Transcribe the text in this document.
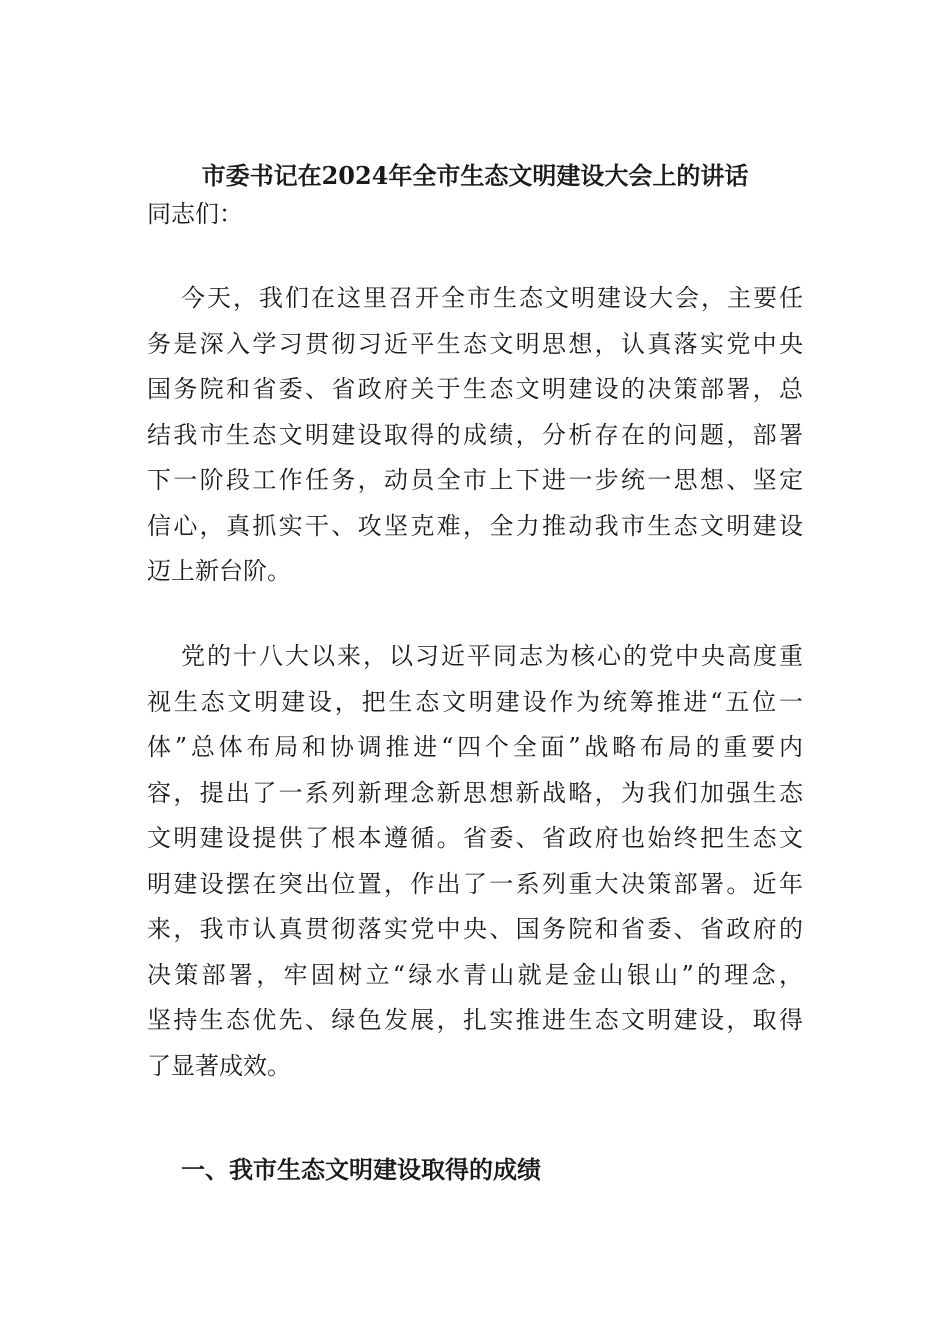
市委书记在2024年全市生态文明建设大会上的讲话
同志们：
今天，我们在这里召开全市生态文明建设大会，主要任
务是深入学习贯彻习近平生态文明思想，认真落实党中央
国务院和省委、省政府关于生态文明建设的决策部署，总
结我市生态文明建设取得的成绩，分析存在的问题，部署
下一阶段工作任务，动员全市上下进一步统一思想、坚定
信心，真抓实干、攻坚克难，全力推动我市生态文明建设
迈上新台阶。
党的十八大以来，以习近平同志为核心的党中央高度重
视生态文明建设，把生态文明建设作为统筹推进“五位一
体”总体布局和协调推进“四个全面”战略布局的重要内
容，提出了一系列新理念新思想新战略，为我们加强生态
文明建设提供了根本遵循。省委、省政府也始终把生态文
明建设摆在突出位置，作出了一系列重大决策部署。近年
来，我市认真贯彻落实党中央、国务院和省委、省政府的
决策部署，牢固树立“绿水青山就是金山银山”的理念，
坚持生态优先、绿色发展，扎实推进生态文明建设，取得
了显著成效。
一、我市生态文明建设取得的成绩
